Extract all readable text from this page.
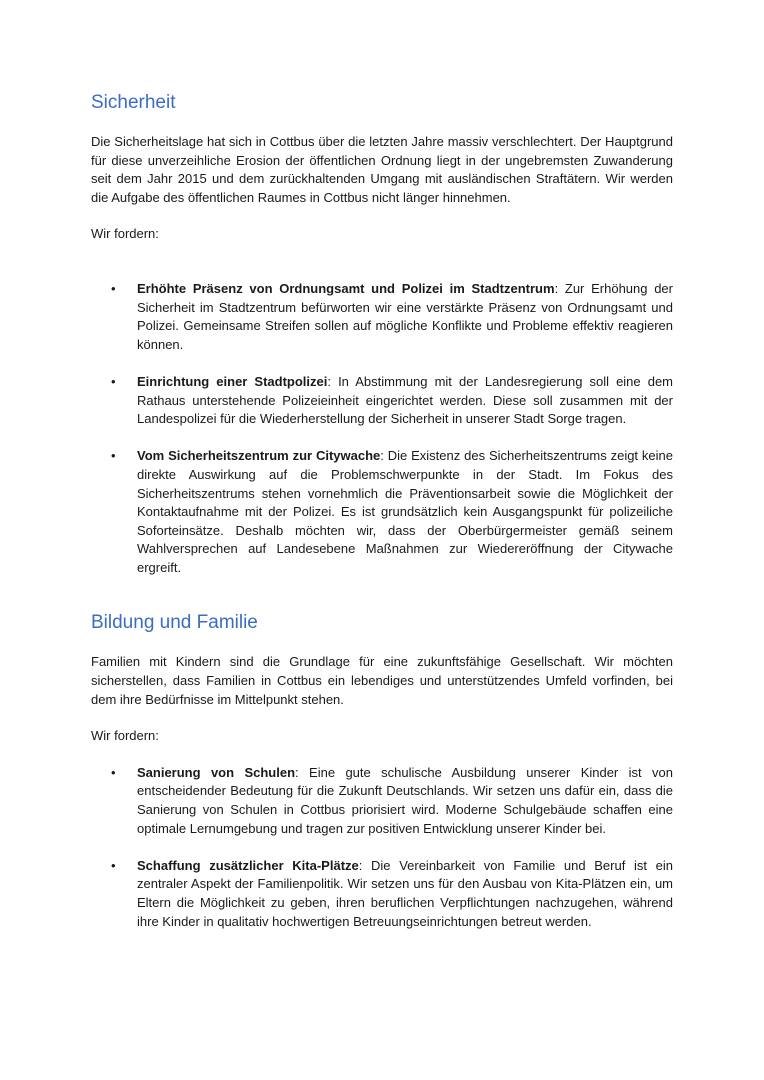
Sicherheit

Die Sicherheitslage hat sich in Cottbus über die letzten Jahre massiv verschlechtert. Der Hauptgrund für diese unverzeihliche Erosion der öffentlichen Ordnung liegt in der ungebremsten Zuwanderung seit dem Jahr 2015 und dem zurückhaltenden Umgang mit ausländischen Straftätern. Wir werden die Aufgabe des öffentlichen Raumes in Cottbus nicht länger hinnehmen.

Wir fordern:

• Erhöhte Präsenz von Ordnungsamt und Polizei im Stadtzentrum: Zur Erhöhung der Sicherheit im Stadtzentrum befürworten wir eine verstärkte Präsenz von Ordnungsamt und Polizei. Gemeinsame Streifen sollen auf mögliche Konflikte und Probleme effektiv reagieren können.
• Einrichtung einer Stadtpolizei: In Abstimmung mit der Landesregierung soll eine dem Rathaus unterstehende Polizeieinheit eingerichtet werden. Diese soll zusammen mit der Landespolizei für die Wiederherstellung der Sicherheit in unserer Stadt Sorge tragen.
• Vom Sicherheitszentrum zur Citywache: Die Existenz des Sicherheitszentrums zeigt keine direkte Auswirkung auf die Problemschwerpunkte in der Stadt. Im Fokus des Sicherheitszentrums stehen vornehmlich die Präventionsarbeit sowie die Möglichkeit der Kontaktaufnahme mit der Polizei. Es ist grundsätzlich kein Ausgangspunkt für polizeiliche Soforteinsätze. Deshalb möchten wir, dass der Oberbürgermeister gemäß seinem Wahlversprechen auf Landesebene Maßnahmen zur Wiedereröffnung der Citywache ergreift.
Bildung und Familie

Familien mit Kindern sind die Grundlage für eine zukunftsfähige Gesellschaft. Wir möchten sicherstellen, dass Familien in Cottbus ein lebendiges und unterstützendes Umfeld vorfinden, bei dem ihre Bedürfnisse im Mittelpunkt stehen.

Wir fordern:

• Sanierung von Schulen: Eine gute schulische Ausbildung unserer Kinder ist von entscheidender Bedeutung für die Zukunft Deutschlands. Wir setzen uns dafür ein, dass die Sanierung von Schulen in Cottbus priorisiert wird. Moderne Schulgebäude schaffen eine optimale Lernumgebung und tragen zur positiven Entwicklung unserer Kinder bei.
• Schaffung zusätzlicher Kita-Plätze: Die Vereinbarkeit von Familie und Beruf ist ein zentraler Aspekt der Familienpolitik. Wir setzen uns für den Ausbau von Kita-Plätzen ein, um Eltern die Möglichkeit zu geben, ihren beruflichen Verpflichtungen nachzugehen, während ihre Kinder in qualitativ hochwertigen Betreuungseinrichtungen betreut werden.
